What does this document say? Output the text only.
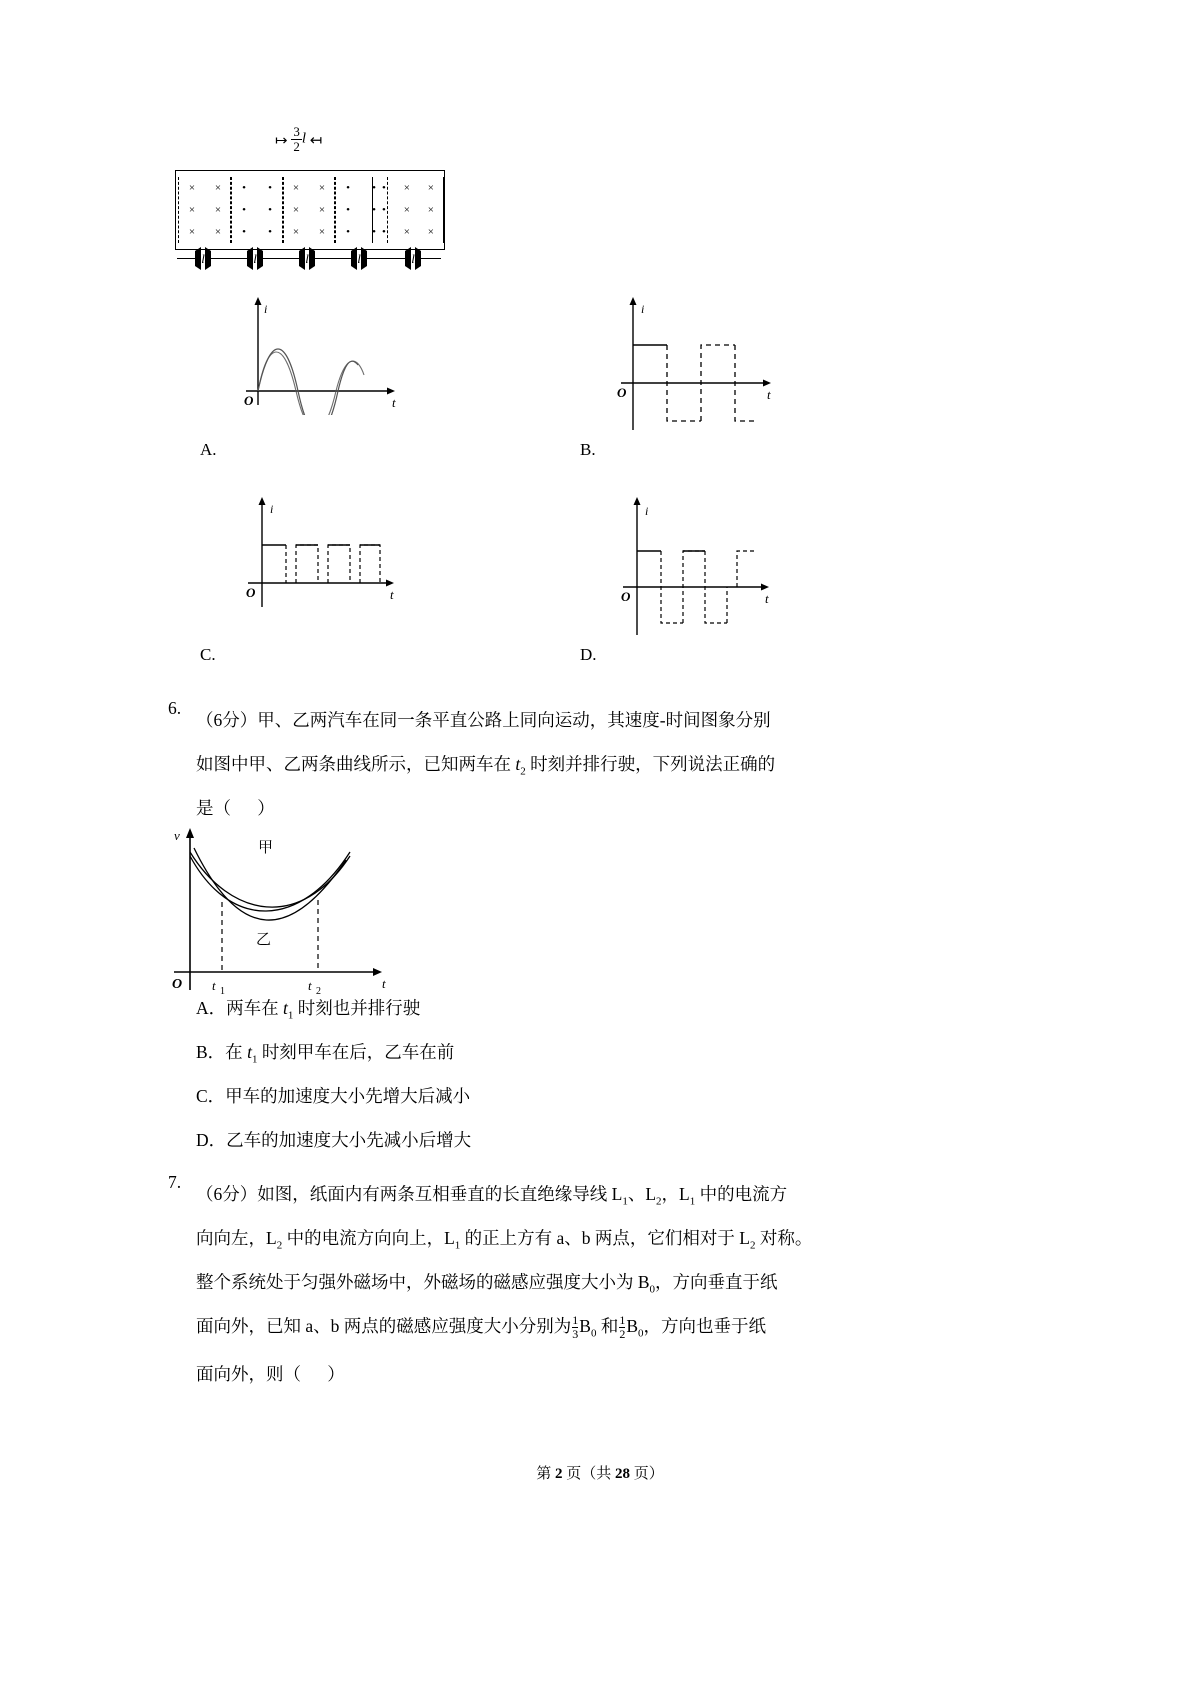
↦ $\frac{3}{2}$ l ↤
× ×
× ×
× ×
• •
• •
• •
× ×
× ×
× ×
• •
• •
• •
• × ×
• × ×
• × ×
l	l	l	l	l
i
O	t
A.
i
O	t
B.
i
O	t
C.
i
O	t
D.
6.
（6分）甲、乙两汽车在同一条平直公路上同向运动，其速度‑时间图象分别
如图中甲、乙两条曲线所示，已知两车在 $t_2$ 时刻并排行驶，下列说法正确的
是（      ）
v
O	t
t 1	t 2
甲
乙
A．两车在 $t_1$ 时刻也并排行驶
B．在 $t_1$ 时刻甲车在后，乙车在前
C．甲车的加速度大小先增大后减小
D．乙车的加速度大小先减小后增大
7.
（6分）如图，纸面内有两条互相垂直的长直绝缘导线 $L_1$、$L_2$，$L_1$ 中的电流方
向向左，$L_2$ 中的电流方向向上，$L_1$ 的正上方有 a、b 两点，它们相对于 $L_2$ 对称。
整个系统处于匀强外磁场中，外磁场的磁感应强度大小为 $B_0$，方向垂直于纸
面向外，已知 a、b 两点的磁感应强度大小分别为 $\frac{1}{3} B_0$ 和 $\frac{1}{2} B_0$，方向也垂于纸
面向外，则（      ）
第 2 页（共 28 页）
